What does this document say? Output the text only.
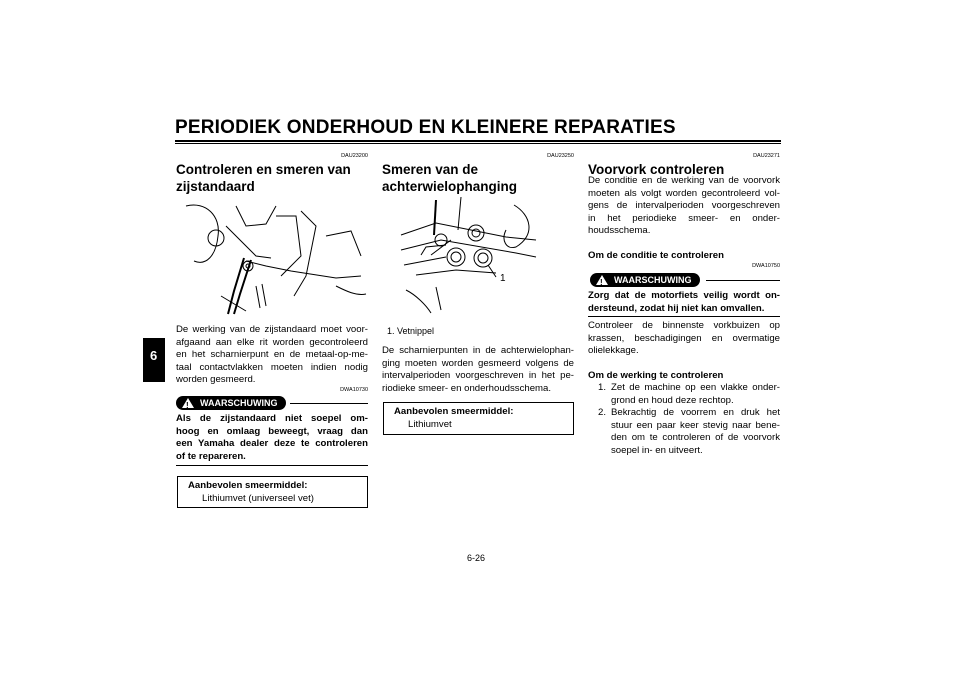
PERIODIEK ONDERHOUD EN KLEINERE REPARATIES
6
DAU23200
Controleren en smeren van
zijstandaard
De werking van de zijstandaard moet voor-
afgaand aan elke rit worden gecontroleerd
en het scharnierpunt en de metaal-op-me-
taal contactvlakken moeten indien nodig
worden gesmeerd.
DWA10730
!
WAARSCHUWING
Als de zijstandaard niet soepel om-
hoog en omlaag beweegt, vraag dan
een Yamaha dealer deze te controleren
of te repareren.
Aanbevolen smeermiddel:
Lithiumvet (universeel vet)
DAU23250
Smeren van de
achterwielophanging
1
1. Vetnippel
De scharnierpunten in de achterwielophan-
ging moeten worden gesmeerd volgens de
intervalperioden voorgeschreven in het pe-
riodieke smeer- en onderhoudsschema.
Aanbevolen smeermiddel:
Lithiumvet
DAU23271
Voorvork controleren
De conditie en de werking van de voorvork
moeten als volgt worden gecontroleerd vol-
gens de intervalperioden voorgeschreven
in het periodieke smeer- en onder-
houdsschema.
Om de conditie te controleren
DWA10750
!
WAARSCHUWING
Zorg dat de motorfiets veilig wordt on-
dersteund, zodat hij niet kan omvallen.
Controleer de binnenste vorkbuizen op
krassen, beschadigingen en overmatige
olielekkage.
Om de werking te controleren
1. Zet de machine op een vlakke onder-
grond en houd deze rechtop.
2. Bekrachtig de voorrem en druk het
stuur een paar keer stevig naar bene-
den om te controleren of de voorvork
soepel in- en uitveert.
6-26
